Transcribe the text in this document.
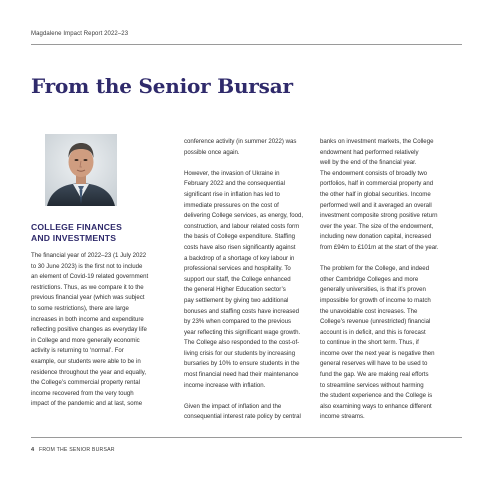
Magdalene Impact Report 2022–23
From the Senior Bursar
COLLEGE FINANCES
AND INVESTMENTS
The financial year of 2022–23 (1 July 2022
to 30 June 2023) is the first not to include
an element of Covid-19 related government
restrictions. Thus, as we compare it to the
previous financial year (which was subject
to some restrictions), there are large
increases in both income and expenditure
reflecting positive changes as everyday life
in College and more generally economic
activity is returning to ‘normal’. For
example, our students were able to be in
residence throughout the year and equally,
the College’s commercial property rental
income recovered from the very tough
impact of the pandemic and at last, some
conference activity (in summer 2022) was
possible once again.
However, the invasion of Ukraine in
February 2022 and the consequential
significant rise in inflation has led to
immediate pressures on the cost of
delivering College services, as energy, food,
construction, and labour related costs form
the basis of College expenditure. Staffing
costs have also risen significantly against
a backdrop of a shortage of key labour in
professional services and hospitality. To
support our staff, the College enhanced
the general Higher Education sector’s
pay settlement by giving two additional
bonuses and staffing costs have increased
by 23% when compared to the previous
year reflecting this significant wage growth.
The College also responded to the cost-of-
living crisis for our students by increasing
bursaries by 10% to ensure students in the
most financial need had their maintenance
income increase with inflation.
Given the impact of inflation and the
consequential interest rate policy by central
banks on investment markets, the College
endowment had performed relatively
well by the end of the financial year.
The endowment consists of broadly two
portfolios, half in commercial property and
the other half in global securities. Income
performed well and it averaged an overall
investment composite strong positive return
over the year. The size of the endowment,
including new donation capital, increased
from £94m to £101m at the start of the year.
The problem for the College, and indeed
other Cambridge Colleges and more
generally universities, is that it’s proven
impossible for growth of income to match
the unavoidable cost increases. The
College’s revenue (unrestricted) financial
account is in deficit, and this is forecast
to continue in the short term. Thus, if
income over the next year is negative then
general reserves will have to be used to
fund the gap. We are making real efforts
to streamline services without harming
the student experience and the College is
also examining ways to enhance different
income streams.
4 FROM THE SENIOR BURSAR
